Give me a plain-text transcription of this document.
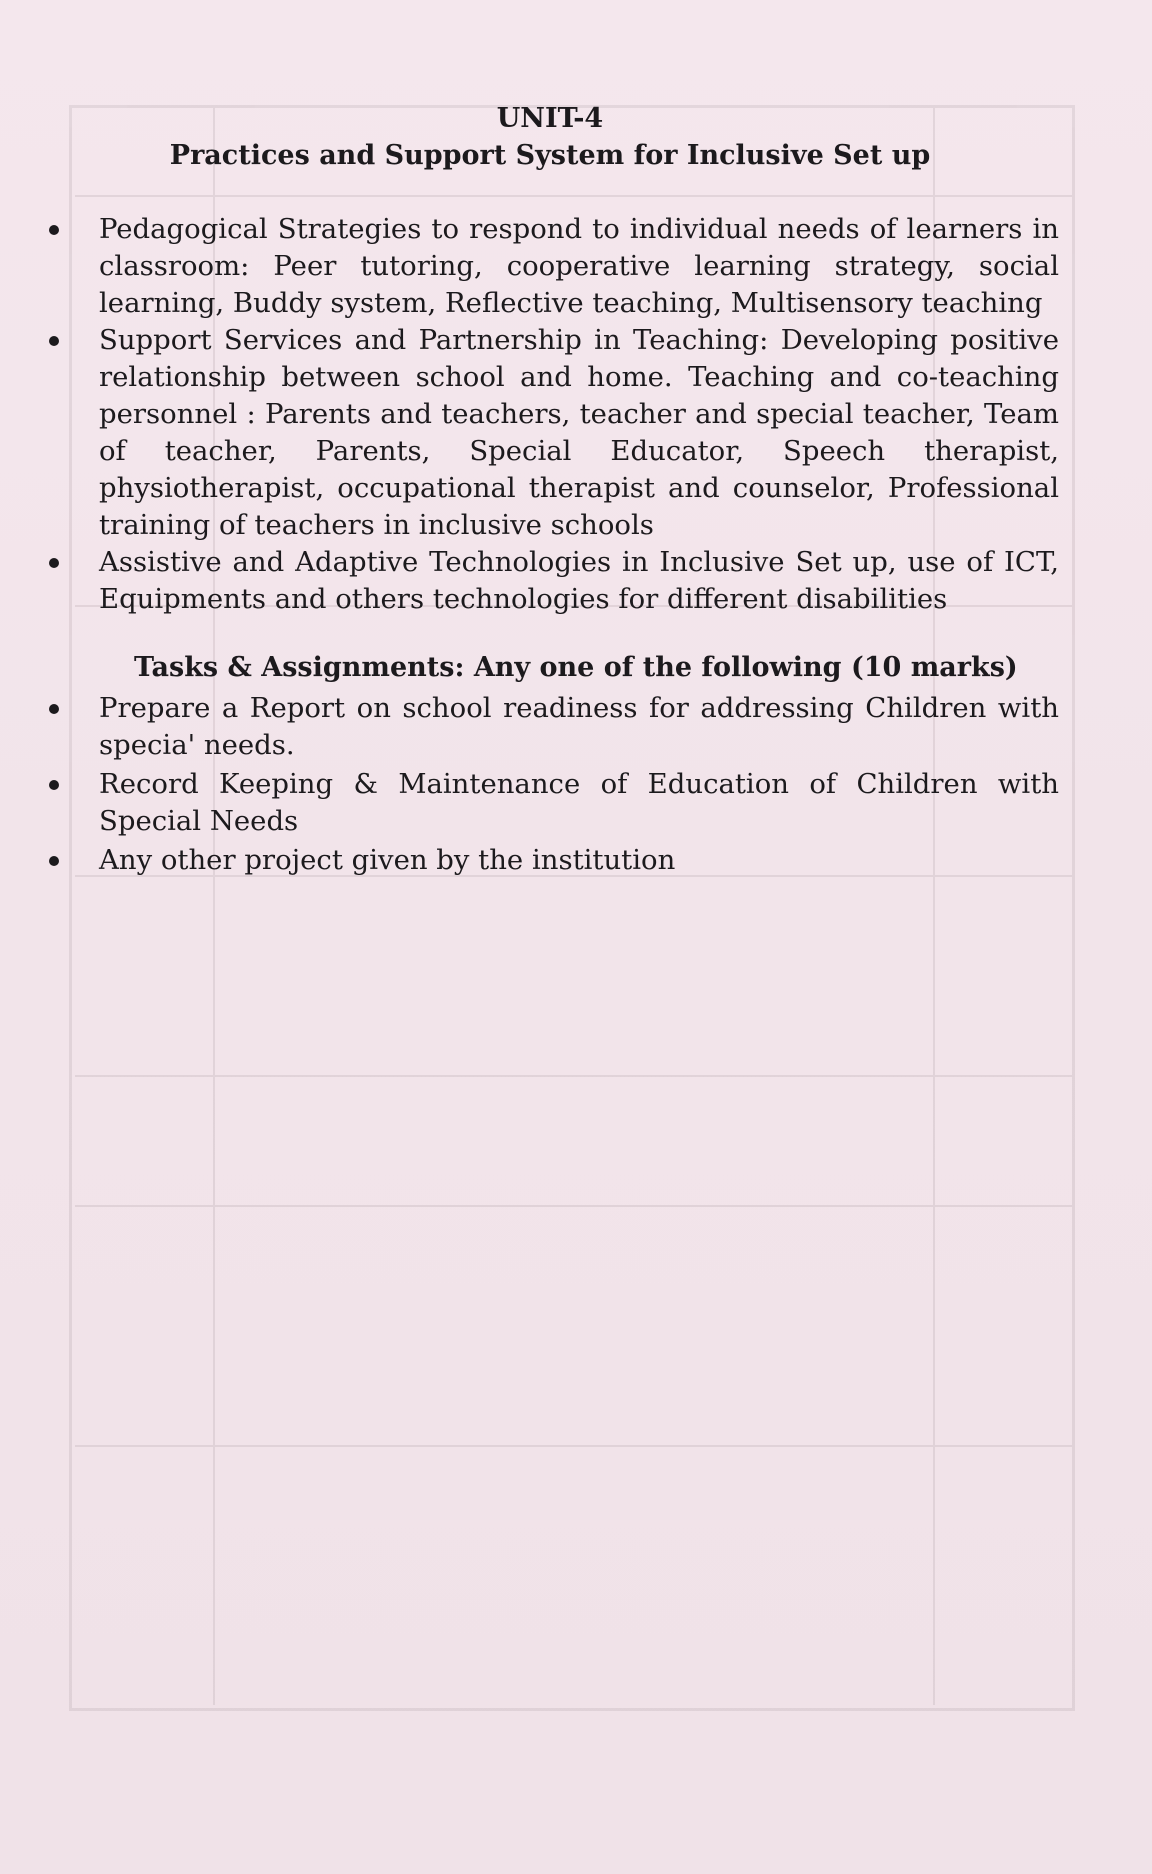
UNIT-4
Practices and Support System for Inclusive Set up
Pedagogical Strategies to respond to individual needs of learners in classroom: Peer tutoring, cooperative learning strategy, social learning, Buddy system, Reflective teaching, Multisensory teaching
Support Services and Partnership in Teaching: Developing positive relationship between school and home. Teaching and co-teaching personnel : Parents and teachers, teacher and special teacher, Team of teacher, Parents, Special Educator, Speech therapist, physiotherapist, occupational therapist and counselor, Professional training of teachers in inclusive schools
Assistive and Adaptive Technologies in Inclusive Set up, use of ICT, Equipments and others technologies for different disabilities
Tasks & Assignments: Any one of the following (10 marks)
Prepare a Report on school readiness for addressing Children with specia' needs.
Record Keeping & Maintenance of Education of Children with Special Needs
Any other project given by the institution
